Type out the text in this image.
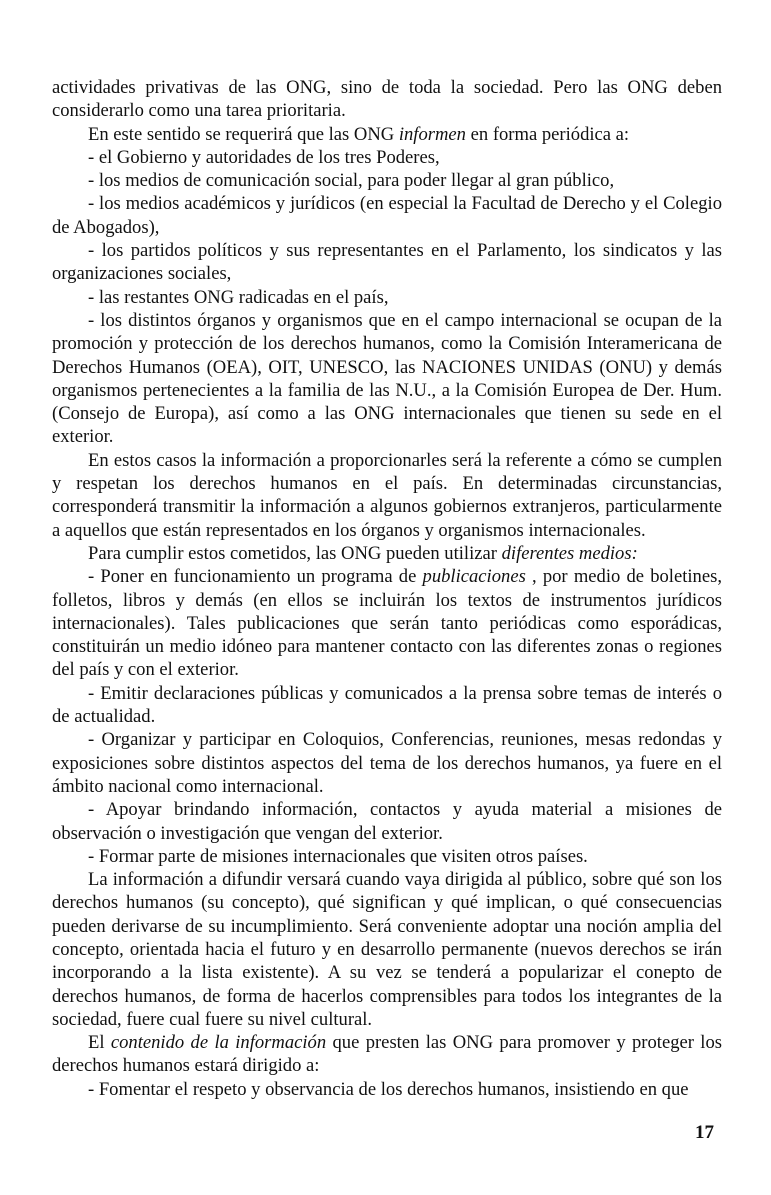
actividades privativas de las ONG, sino de toda la sociedad. Pero las ONG deben considerarlo como una tarea prioritaria.

En este sentido se requerirá que las ONG informen en forma periódica a:

- el Gobierno y autoridades de los tres Poderes,

- los medios de comunicación social, para poder llegar al gran público,

- los medios académicos y jurídicos (en especial la Facultad de Derecho y el Colegio de Abogados),

- los partidos políticos y sus representantes en el Parlamento, los sindicatos y las organizaciones sociales,

- las restantes ONG radicadas en el país,

- los distintos órganos y organismos que en el campo internacional se ocupan de la promoción y protección de los derechos humanos, como la Comisión Interamericana de Derechos Humanos (OEA), OIT, UNESCO, las NACIONES UNIDAS (ONU) y demás organismos pertenecientes a la familia de las N.U., a la Comisión Europea de Der. Hum. (Consejo de Europa), así como a las ONG internacionales que tienen su sede en el exterior.

En estos casos la información a proporcionarles será la referente a cómo se cumplen y respetan los derechos humanos en el país. En determinadas circunstancias, corresponderá transmitir la información a algunos gobiernos extranjeros, particularmente a aquellos que están representados en los órganos y organismos internacionales.

Para cumplir estos cometidos, las ONG pueden utilizar diferentes medios:

- Poner en funcionamiento un programa de publicaciones , por medio de boletines, folletos, libros y demás (en ellos se incluirán los textos de instrumentos jurídicos internacionales). Tales publicaciones que serán tanto periódicas como esporádicas, constituirán un medio idóneo para mantener contacto con las diferentes zonas o regiones del país y con el exterior.

- Emitir declaraciones públicas y comunicados a la prensa sobre temas de interés o de actualidad.

- Organizar y participar en Coloquios, Conferencias, reuniones, mesas redondas y exposiciones sobre distintos aspectos del tema de los derechos humanos, ya fuere en el ámbito nacional como internacional.

- Apoyar brindando información, contactos y ayuda material a misiones de observación o investigación que vengan del exterior.

- Formar parte de misiones internacionales que visiten otros países.

La información a difundir versará cuando vaya dirigida al público, sobre qué son los derechos humanos (su concepto), qué significan y qué implican, o qué consecuencias pueden derivarse de su incumplimiento. Será conveniente adoptar una noción amplia del concepto, orientada hacia el futuro y en desarrollo permanente (nuevos derechos se irán incorporando a la lista existente). A su vez se tenderá a popularizar el conepto de derechos humanos, de forma de hacerlos comprensibles para todos los integrantes de la sociedad, fuere cual fuere su nivel cultural.

El contenido de la información que presten las ONG para promover y proteger los derechos humanos estará dirigido a:

- Fomentar el respeto y observancia de los derechos humanos, insistiendo en que

17
